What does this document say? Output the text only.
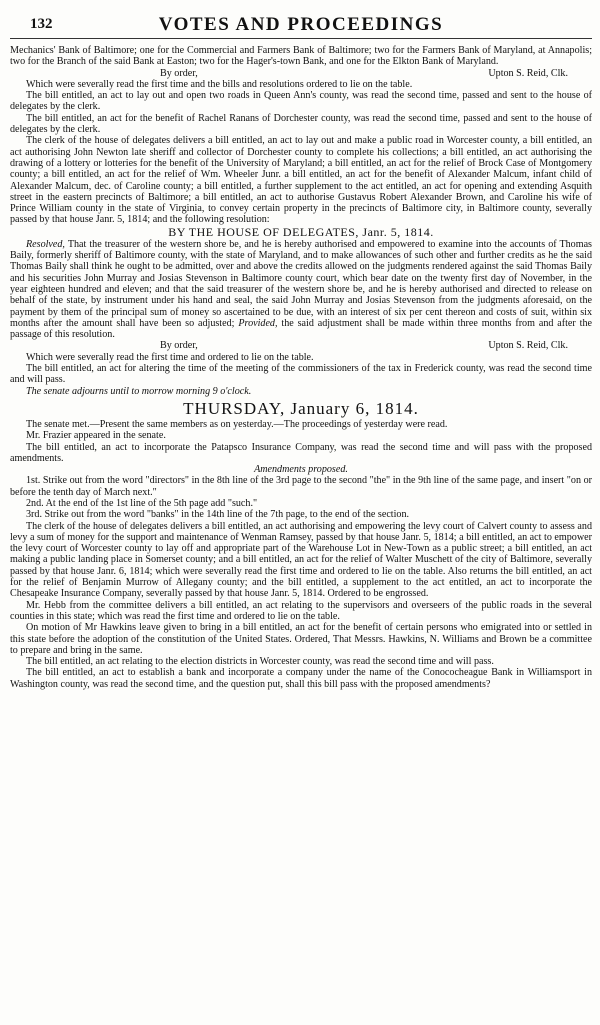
132	VOTES AND PROCEEDINGS

Mechanics' Bank of Baltimore; one for the Commercial and Farmers Bank of Baltimore; two for the Farmers Bank of Maryland, at Annapolis; two for the Branch of the said Bank at Easton; two for the Hager's-town Bank, and one for the Elkton Bank of Maryland.

By order,	Upton S. Reid, Clk.

Which were severally read the first time and the bills and resolutions ordered to lie on the table.

The bill entitled, an act to lay out and open two roads in Queen Ann's county, was read the second time, passed and sent to the house of delegates by the clerk.

The bill entitled, an act for the benefit of Rachel Ranans of Dorchester county, was read the second time, passed and sent to the house of delegates by the clerk.

The clerk of the house of delegates delivers a bill entitled, an act to lay out and make a public road in Worcester county, a bill entitled, an act authorising John Newton late sheriff and collector of Dorchester county to complete his collections; a bill entitled, an act authorising the drawing of a lottery or lotteries for the benefit of the University of Maryland; a bill entitled, an act for the relief of Brock Case of Montgomery county; a bill entitled, an act for the relief of Wm. Wheeler Junr. a bill entitled, an act for the benefit of Alexander Malcum, infant child of Alexander Malcum, dec. of Caroline county; a bill entitled, a further supplement to the act entitled, an act for opening and extending Asquith street in the eastern precincts of Baltimore; a bill entitled, an act to authorise Gustavus Robert Alexander Brown, and Caroline his wife of Prince William county in the state of Virginia, to convey certain property in the precincts of Baltimore city, in Baltimore county, severally passed by that house Janr. 5, 1814; and the following resolution:

BY THE HOUSE OF DELEGATES, Janr. 5, 1814.

Resolved, That the treasurer of the western shore be, and he is hereby authorised and empowered to examine into the accounts of Thomas Baily, formerly sheriff of Baltimore county, with the state of Maryland, and to make allowances of such other and further credits as he the said Thomas Baily shall think he ought to be admitted, over and above the credits allowed on the judgments rendered against the said Thomas Baily and his securities John Murray and Josias Stevenson in Baltimore county court, which bear date on the twenty first day of November, in the year eighteen hundred and eleven; and that the said treasurer of the western shore be, and he is hereby authorised and directed to release on behalf of the state, by instrument under his hand and seal, the said John Murray and Josias Stevenson from the judgments aforesaid, on the payment by them of the principal sum of money so ascertained to be due, with an interest of six per cent thereon and costs of suit, within six months after the amount shall have been so adjusted; Provided, the said adjustment shall be made within three months from and after the passage of this resolution.

By order,	Upton S. Reid, Clk.

Which were severally read the first time and ordered to lie on the table.

The bill entitled, an act for altering the time of the meeting of the commissioners of the tax in Frederick county, was read the second time and will pass.

The senate adjourns until to morrow morning 9 o'clock.

THURSDAY, January 6, 1814.

The senate met.—Present the same members as on yesterday.—The proceedings of yesterday were read.

Mr. Frazier appeared in the senate.

The bill entitled, an act to incorporate the Patapsco Insurance Company, was read the second time and will pass with the proposed amendments.

Amendments proposed.

1st. Strike out from the word "directors" in the 8th line of the 3rd page to the second "the" in the 9th line of the same page, and insert "on or before the tenth day of March next."

2nd. At the end of the 1st line of the 5th page add "such."

3rd. Strike out from the word "banks" in the 14th line of the 7th page, to the end of the section.

The clerk of the house of delegates delivers a bill entitled, an act authorising and empowering the levy court of Calvert county to assess and levy a sum of money for the support and maintenance of Wenman Ramsey, passed by that house Janr. 5, 1814; a bill entitled, an act to empower the levy court of Worcester county to lay off and appropriate part of the Warehouse Lot in New-Town as a public street; a bill entitled, an act making a public landing place in Somerset county; and a bill entitled, an act for the relief of Walter Muschett of the city of Baltimore, severally passed by that house Janr. 6, 1814; which were severally read the first time and ordered to lie on the table. Also returns the bill entitled, an act for the relief of Benjamin Murrow of Allegany county; and the bill entitled, a supplement to the act entitled, an act to incorporate the Chesapeake Insurance Company, severally passed by that house Janr. 5, 1814. Ordered to be engrossed.

Mr. Hebb from the committee delivers a bill entitled, an act relating to the supervisors and overseers of the public roads in the several counties in this state; which was read the first time and ordered to lie on the table.

On motion of Mr Hawkins leave given to bring in a bill entitled, an act for the benefit of certain persons who emigrated into or settled in this state before the adoption of the constitution of the United States. Ordered, That Messrs. Hawkins, N. Williams and Brown be a committee to prepare and bring in the same.

The bill entitled, an act relating to the election districts in Worcester county, was read the second time and will pass.

The bill entitled, an act to establish a bank and incorporate a company under the name of the Conococheague Bank in Williamsport in Washington county, was read the second time, and the question put, shall this bill pass with the proposed amendments?
